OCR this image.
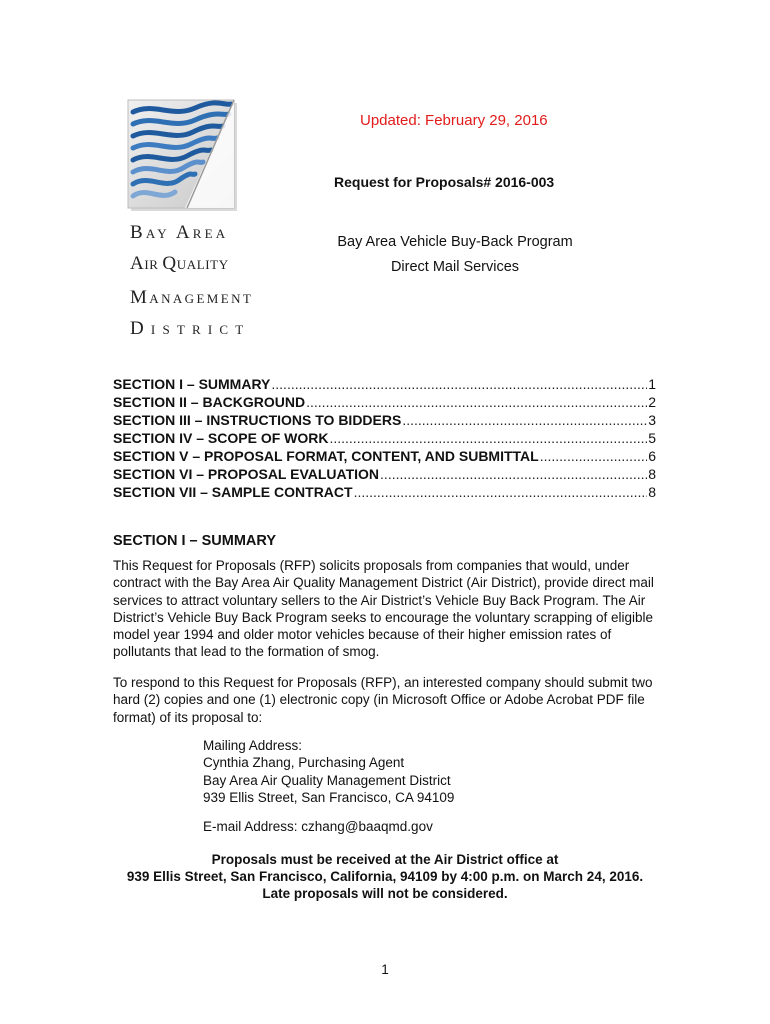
BAY AREA
AIR QUALITY
MANAGEMENT
DISTRICT
Updated: February 29, 2016
Request for Proposals# 2016-003
Bay Area Vehicle Buy-Back Program
Direct Mail Services
SECTION I – SUMMARY .....	1
SECTION II – BACKGROUND .....	2
SECTION III – INSTRUCTIONS TO BIDDERS .....	3
SECTION IV – SCOPE OF WORK .....	5
SECTION V – PROPOSAL FORMAT, CONTENT, AND SUBMITTAL .....	6
SECTION VI – PROPOSAL EVALUATION .....	8
SECTION VII – SAMPLE CONTRACT .....	8
SECTION I – SUMMARY

This Request for Proposals (RFP) solicits proposals from companies that would, under contract with the Bay Area Air Quality Management District (Air District), provide direct mail services to attract voluntary sellers to the Air District’s Vehicle Buy Back Program. The Air District’s Vehicle Buy Back Program seeks to encourage the voluntary scrapping of eligible model year 1994 and older motor vehicles because of their higher emission rates of pollutants that lead to the formation of smog.

To respond to this Request for Proposals (RFP), an interested company should submit two hard (2) copies and one (1) electronic copy (in Microsoft Office or Adobe Acrobat PDF file format) of its proposal to:

Mailing Address:
Cynthia Zhang, Purchasing Agent
Bay Area Air Quality Management District
939 Ellis Street, San Francisco, CA 94109
E-mail Address: czhang@baaqmd.gov
Proposals must be received at the Air District office at
939 Ellis Street, San Francisco, California, 94109 by 4:00 p.m. on March 24, 2016.
Late proposals will not be considered.
1
